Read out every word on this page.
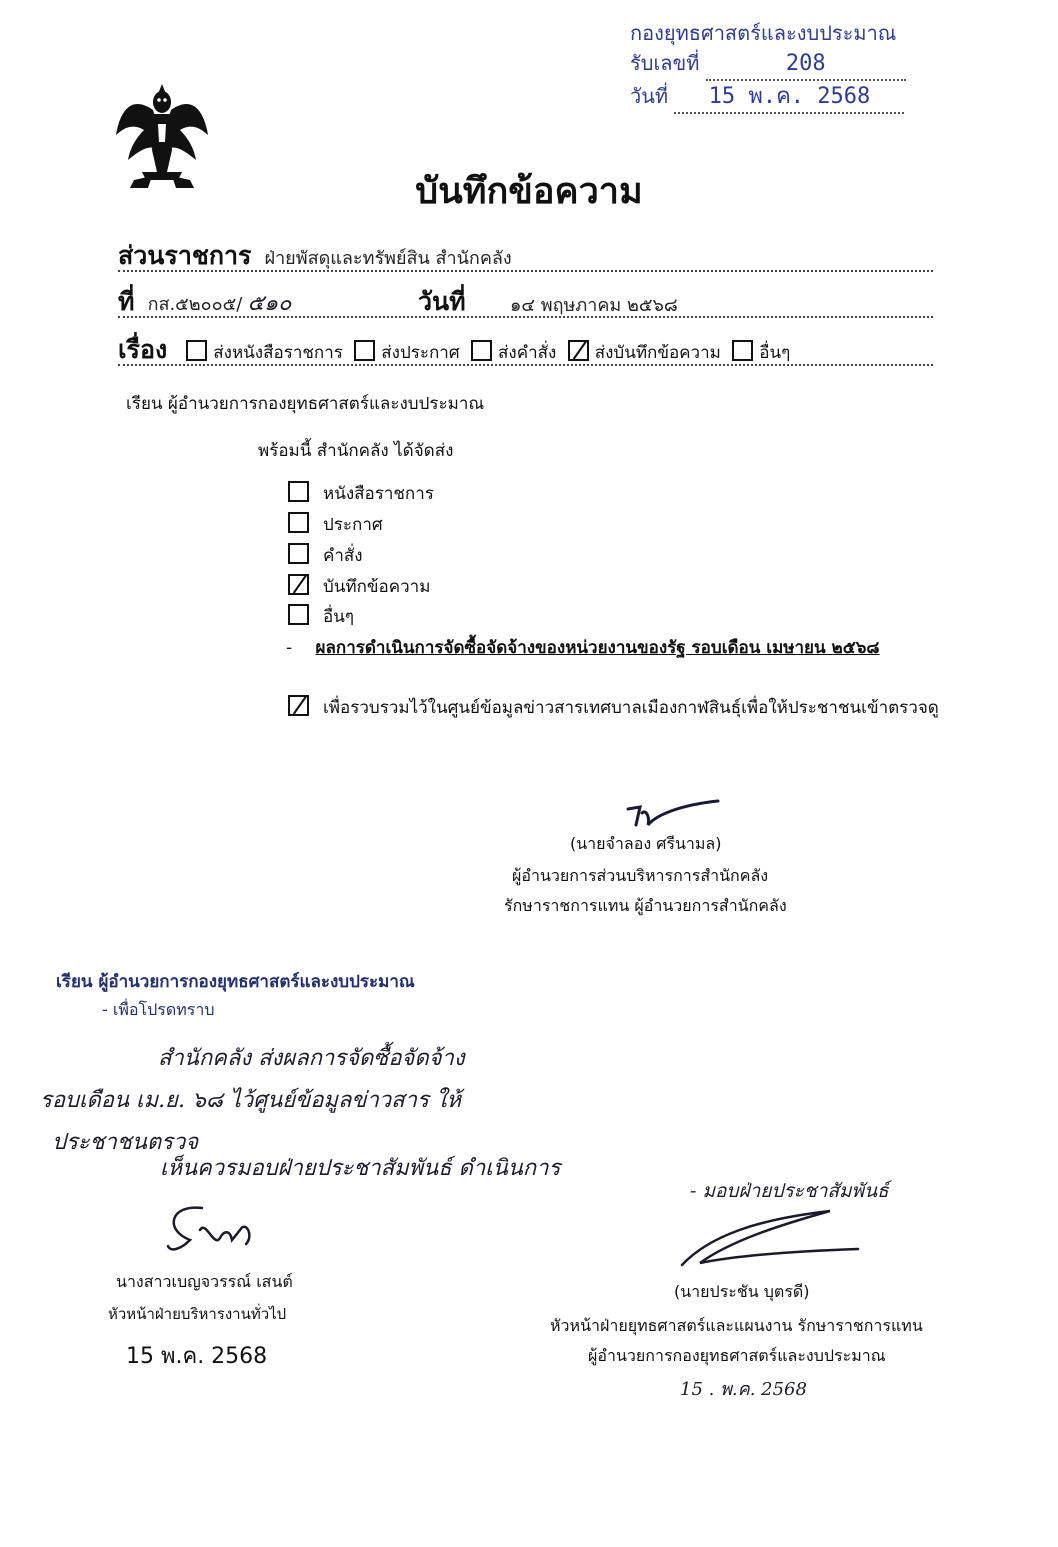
กองยุทธศาสตร์และงบประมาณ
รับเลขที่	208
วันที่ 15 พ.ค. 2568
บันทึกข้อความ
ส่วนราชการ ฝ่ายพัสดุและทรัพย์สิน สำนักคลัง
ที่ กส.๕๒๐๐๕/ ๕๑๐	วันที่ ๑๔ พฤษภาคม ๒๕๖๘
เรื่อง	ส่งหนังสือราชการ ส่งประกาศ ส่งคำสั่ง ส่งบันทึกข้อความ อื่นๆ
เรียน ผู้อำนวยการกองยุทธศาสตร์และงบประมาณ
พร้อมนี้ สำนักคลัง ได้จัดส่ง
หนังสือราชการ
ประกาศ
คำสั่ง
บันทึกข้อความ
อื่นๆ
- ผลการดำเนินการจัดซื้อจัดจ้างของหน่วยงานของรัฐ รอบเดือน เมษายน ๒๕๖๘
เพื่อรวบรวมไว้ในศูนย์ข้อมูลข่าวสารเทศบาลเมืองกาฬสินธุ์เพื่อให้ประชาชนเข้าตรวจดู
(นายจำลอง ศรีนามล)
ผู้อำนวยการส่วนบริหารการสำนักคลัง
รักษาราชการแทน ผู้อำนวยการสำนักคลัง
เรียน ผู้อำนวยการกองยุทธศาสตร์และงบประมาณ
- เพื่อโปรดทราบ
สำนักคลัง ส่งผลการจัดซื้อจัดจ้าง
รอบเดือน เม.ย. ๖๘ ไว้ศูนย์ข้อมูลข่าวสาร ให้
ประชาชนตรวจ
เห็นควรมอบฝ่ายประชาสัมพันธ์ ดำเนินการ
นางสาวเบญจวรรณ์ เสนต์
หัวหน้าฝ่ายบริหารงานทั่วไป
15 พ.ค. 2568
- มอบฝ่ายประชาสัมพันธ์
(นายประชัน บุตรดี)
หัวหน้าฝ่ายยุทธศาสตร์และแผนงาน รักษาราชการแทน
ผู้อำนวยการกองยุทธศาสตร์และงบประมาณ
15 . พ.ค. 2568
